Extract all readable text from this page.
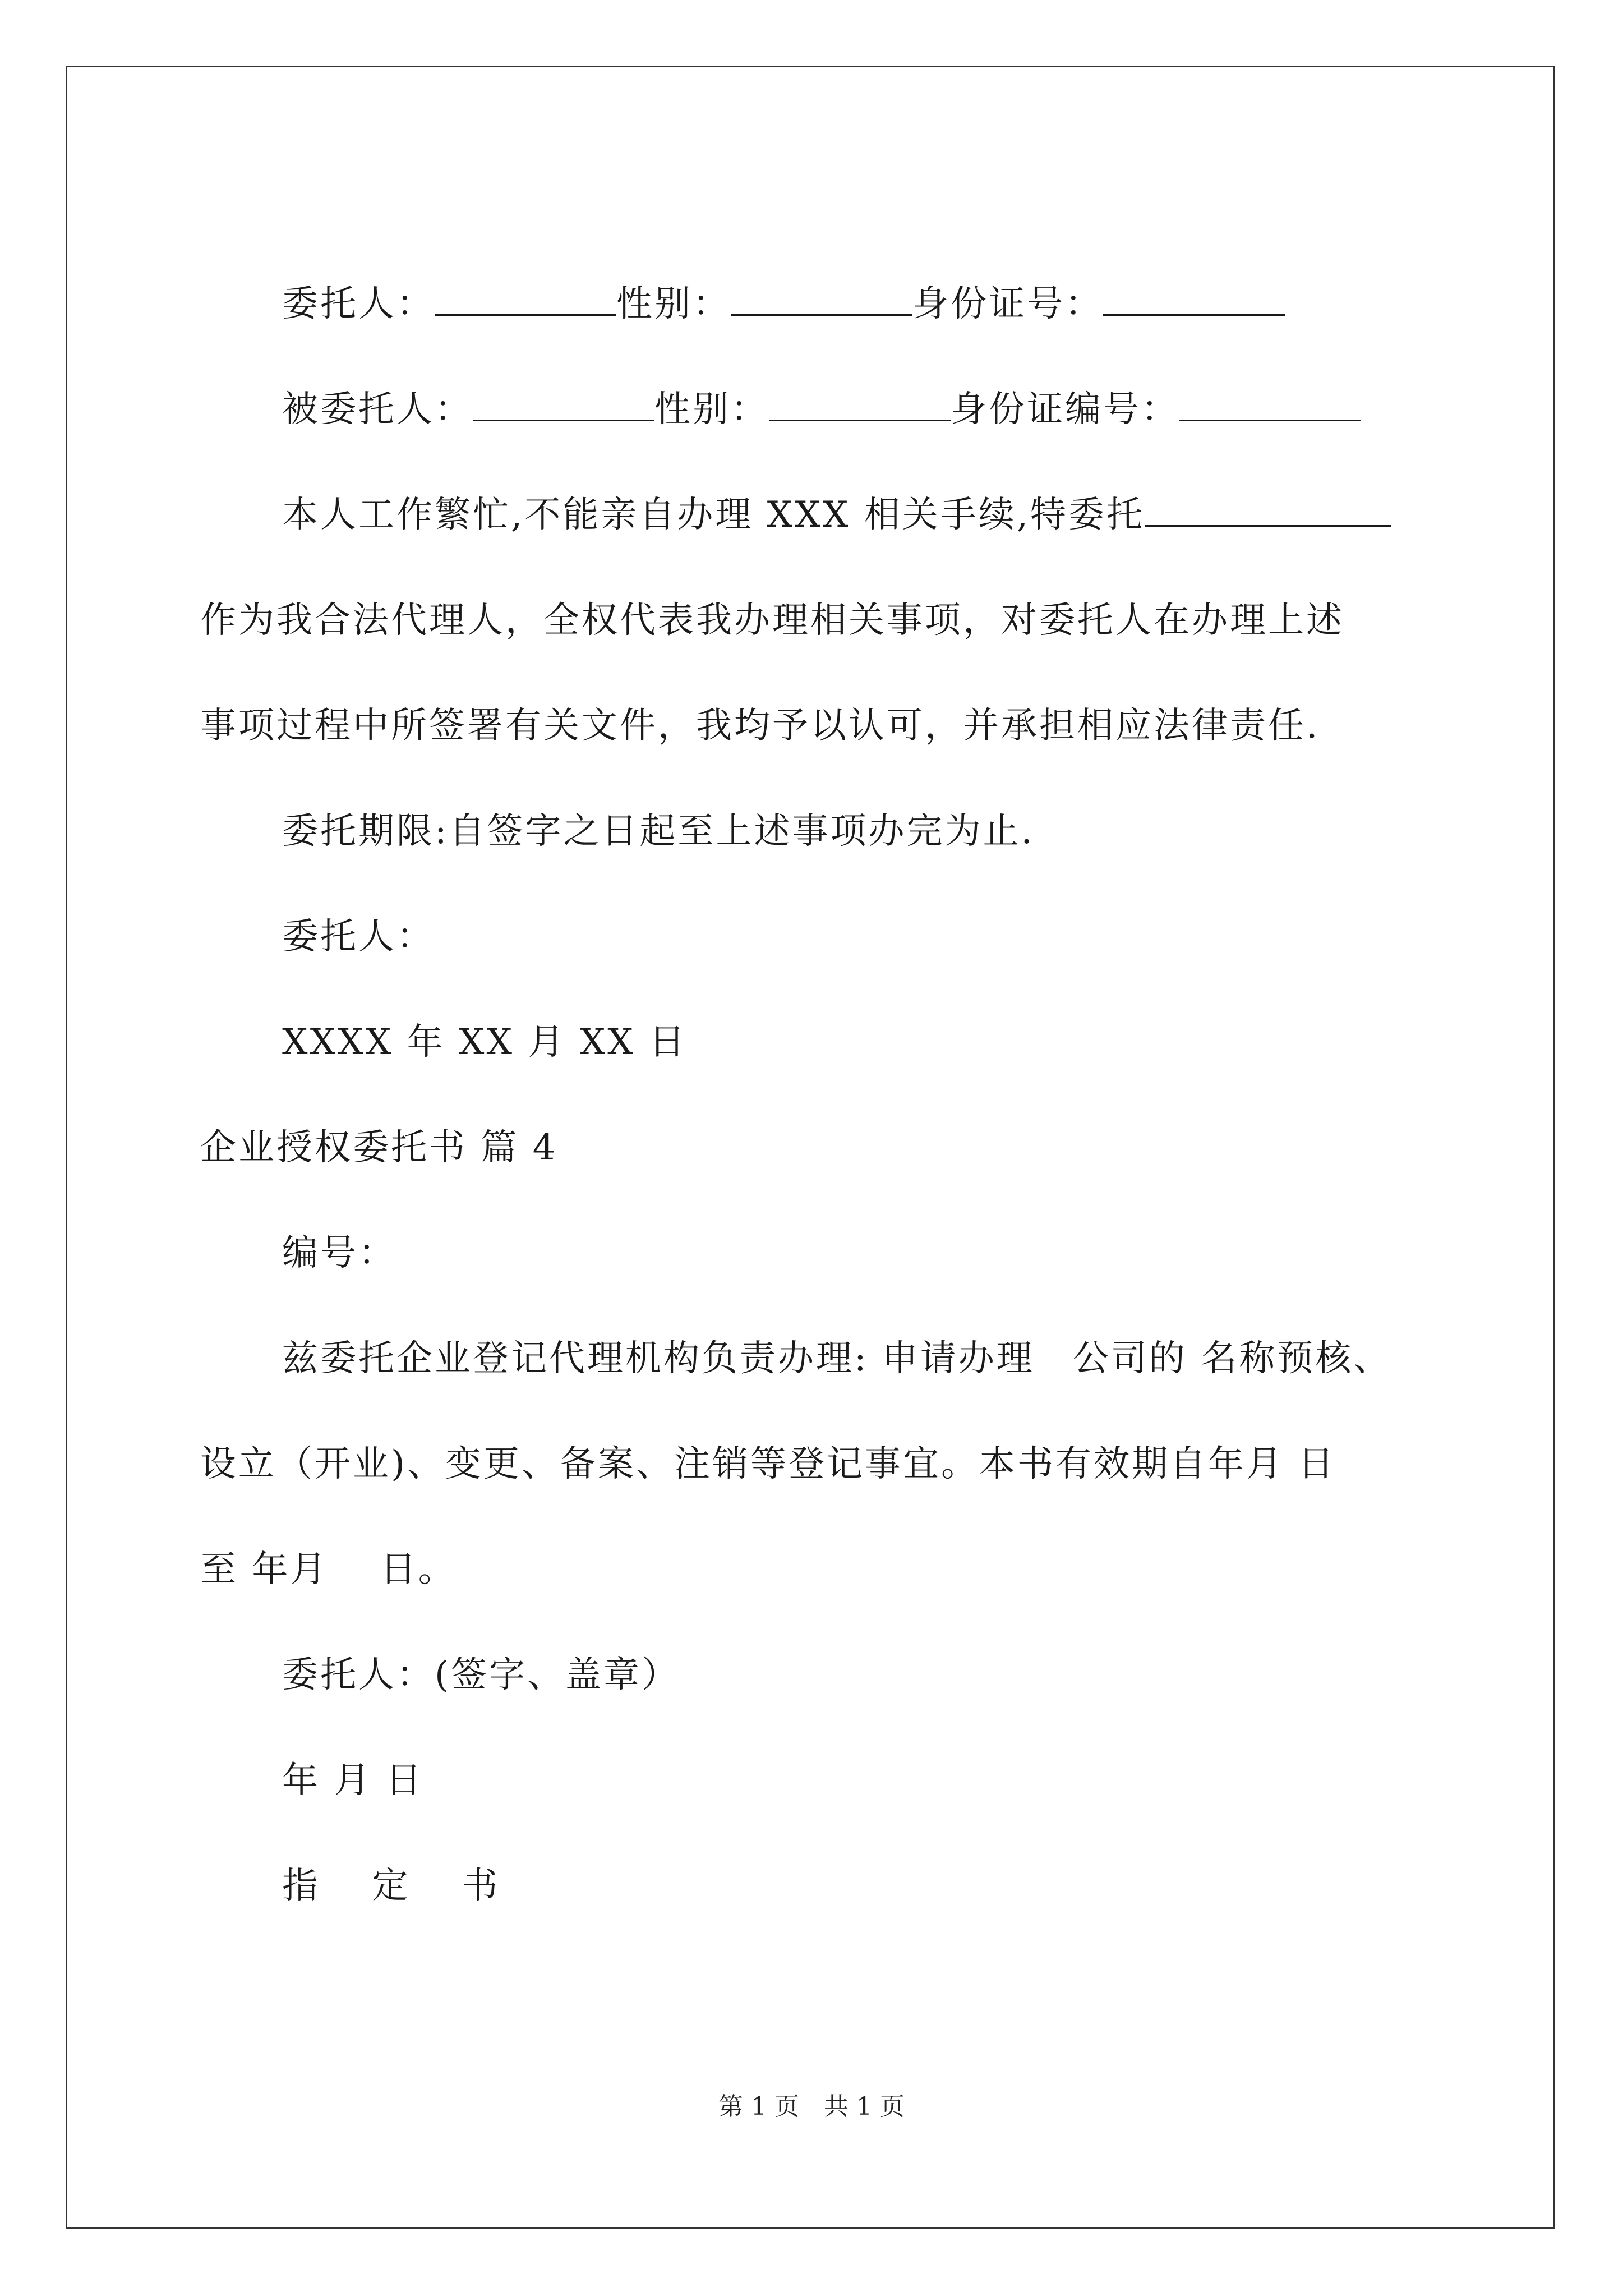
委托人：	性别：	身份证号：

被委托人：	性别：	身份证编号：

本人工作繁忙,不能亲自办理 XXX 相关手续,特委托

作为我合法代理人，全权代表我办理相关事项，对委托人在办理上述

事项过程中所签署有关文件，我均予以认可，并承担相应法律责任.

委托期限:自签字之日起至上述事项办完为止.

委托人：

XXXX 年 XX 月 XX 日

企业授权委托书 篇 4

编号：

兹委托企业登记代理机构负责办理: 申请办理　公司的 名称预核、

设立（开业)、变更、备案、注销等登记事宜。本书有效期自年月 日

至 年月　 日。

委托人：(签字、盖章）

年 月 日

指　 定　 书

第 1 页　共 1 页
